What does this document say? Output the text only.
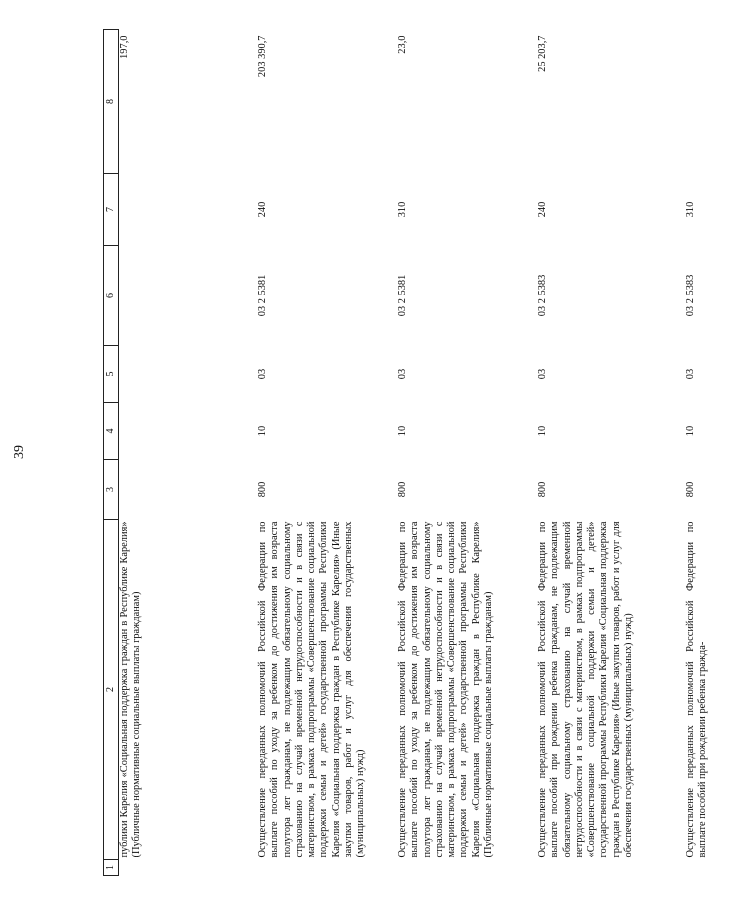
39
1	2	3	4	5	6	7	8
	публики Карелия «Социальная поддержка граждан в Республике Карелия» (Публичные нормативные социальные выплаты гражданам)						197,0
	Осуществление переданных полномочий Российской Федерации по выплате пособий по уходу за ребенком до достижения им возраста полутора лет гражданам, не подлежащим обязательному социальному страхованию на случай временной нетрудоспособности и в связи с материнством, в рамках подпрограммы «Совершенствование социальной поддержки семьи и детей» государственной программы Республики Карелия «Социальная поддержка граждан в Республике Карелия» (Иные закупки товаров, работ и услуг для обеспечения государственных (муниципальных) нужд)	800	10	03	03 2 5381	240	203 390,7
	Осуществление переданных полномочий Российской Федерации по выплате пособий по уходу за ребенком до достижения им возраста полутора лет гражданам, не подлежащим обязательному социальному страхованию на случай временной нетрудоспособности и в связи с материнством, в рамках подпрограммы «Совершенствование социальной поддержки семьи и детей» государственной программы Республики Карелия «Социальная поддержка граждан в Республике Карелия» (Публичные нормативные социальные выплаты гражданам)	800	10	03	03 2 5381	310	23,0
	Осуществление переданных полномочий Российской Федерации по выплате пособий при рождении ребенка гражданам, не подлежащим обязательному социальному страхованию на случай временной нетрудоспособности и в связи с материнством, в рамках подпрограммы «Совершенствование социальной поддержки семьи и детей» государственной программы Республики Карелия «Социальная поддержка граждан в Республике Карелия» (Иные закупки товаров, работ и услуг для обеспечения государственных (муниципальных) нужд)	800	10	03	03 2 5383	240	25 203,7
	Осуществление переданных полномочий Российской Федерации по выплате пособий при рождении ребенка гражда-	800	10	03	03 2 5383	310	
